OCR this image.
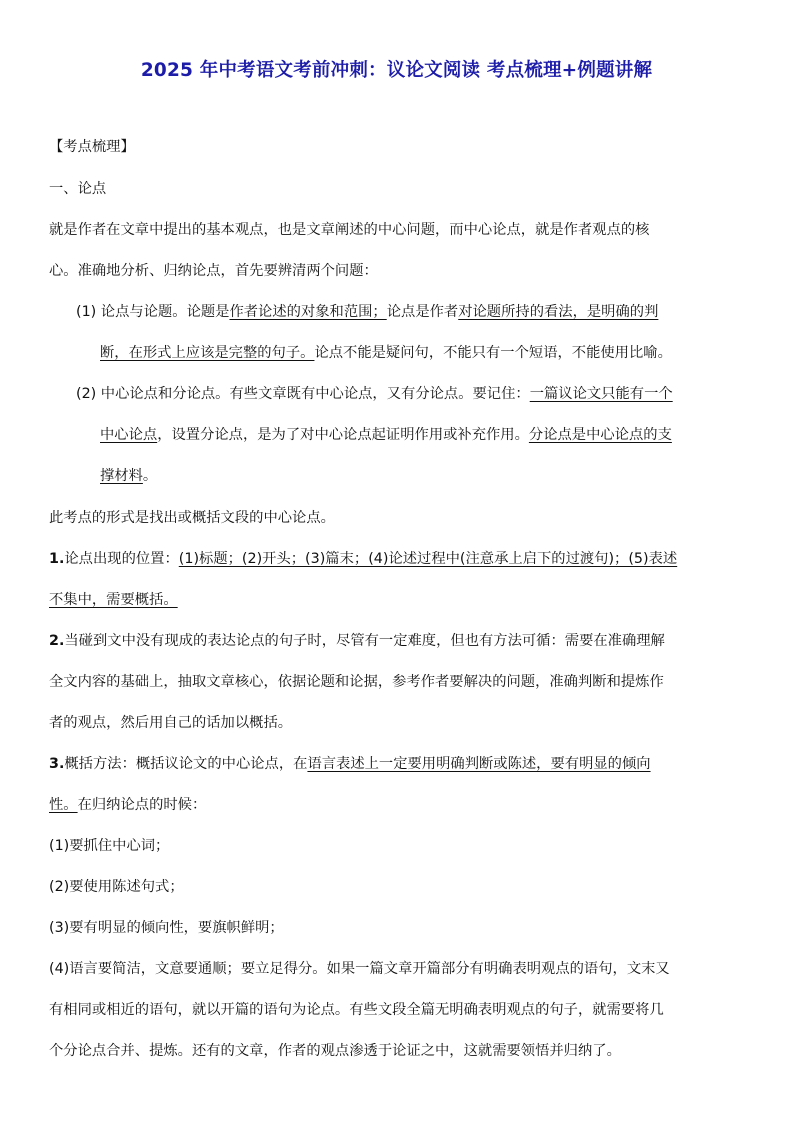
2025 年中考语文考前冲刺：议论文阅读 考点梳理+例题讲解
【考点梳理】
一、论点
就是作者在文章中提出的基本观点，也是文章阐述的中心问题，而中心论点，就是作者观点的核
心。准确地分析、归纳论点，首先要辨清两个问题：
(1) 论点与论题。论题是作者论述的对象和范围；论点是作者对论题所持的看法，是明确的判
断，在形式上应该是完整的句子。论点不能是疑问句，不能只有一个短语，不能使用比喻。
(2) 中心论点和分论点。有些文章既有中心论点，又有分论点。要记住：一篇议论文只能有一个
中心论点，设置分论点，是为了对中心论点起证明作用或补充作用。分论点是中心论点的支
撑材料。
此考点的形式是找出或概括文段的中心论点。
1.论点出现的位置：(1)标题；(2)开头；(3)篇末；(4)论述过程中(注意承上启下的过渡句)；(5)表述
不集中，需要概括。
2.当碰到文中没有现成的表达论点的句子时，尽管有一定难度，但也有方法可循：需要在准确理解
全文内容的基础上，抽取文章核心，依据论题和论据，参考作者要解决的问题，准确判断和提炼作
者的观点，然后用自己的话加以概括。
3.概括方法：概括议论文的中心论点，在语言表述上一定要用明确判断或陈述，要有明显的倾向
性。在归纳论点的时候：
(1)要抓住中心词；
(2)要使用陈述句式；
(3)要有明显的倾向性，要旗帜鲜明；
(4)语言要简洁，文意要通顺；要立足得分。如果一篇文章开篇部分有明确表明观点的语句，文末又
有相同或相近的语句，就以开篇的语句为论点。有些文段全篇无明确表明观点的句子，就需要将几
个分论点合并、提炼。还有的文章，作者的观点渗透于论证之中，这就需要领悟并归纳了。
